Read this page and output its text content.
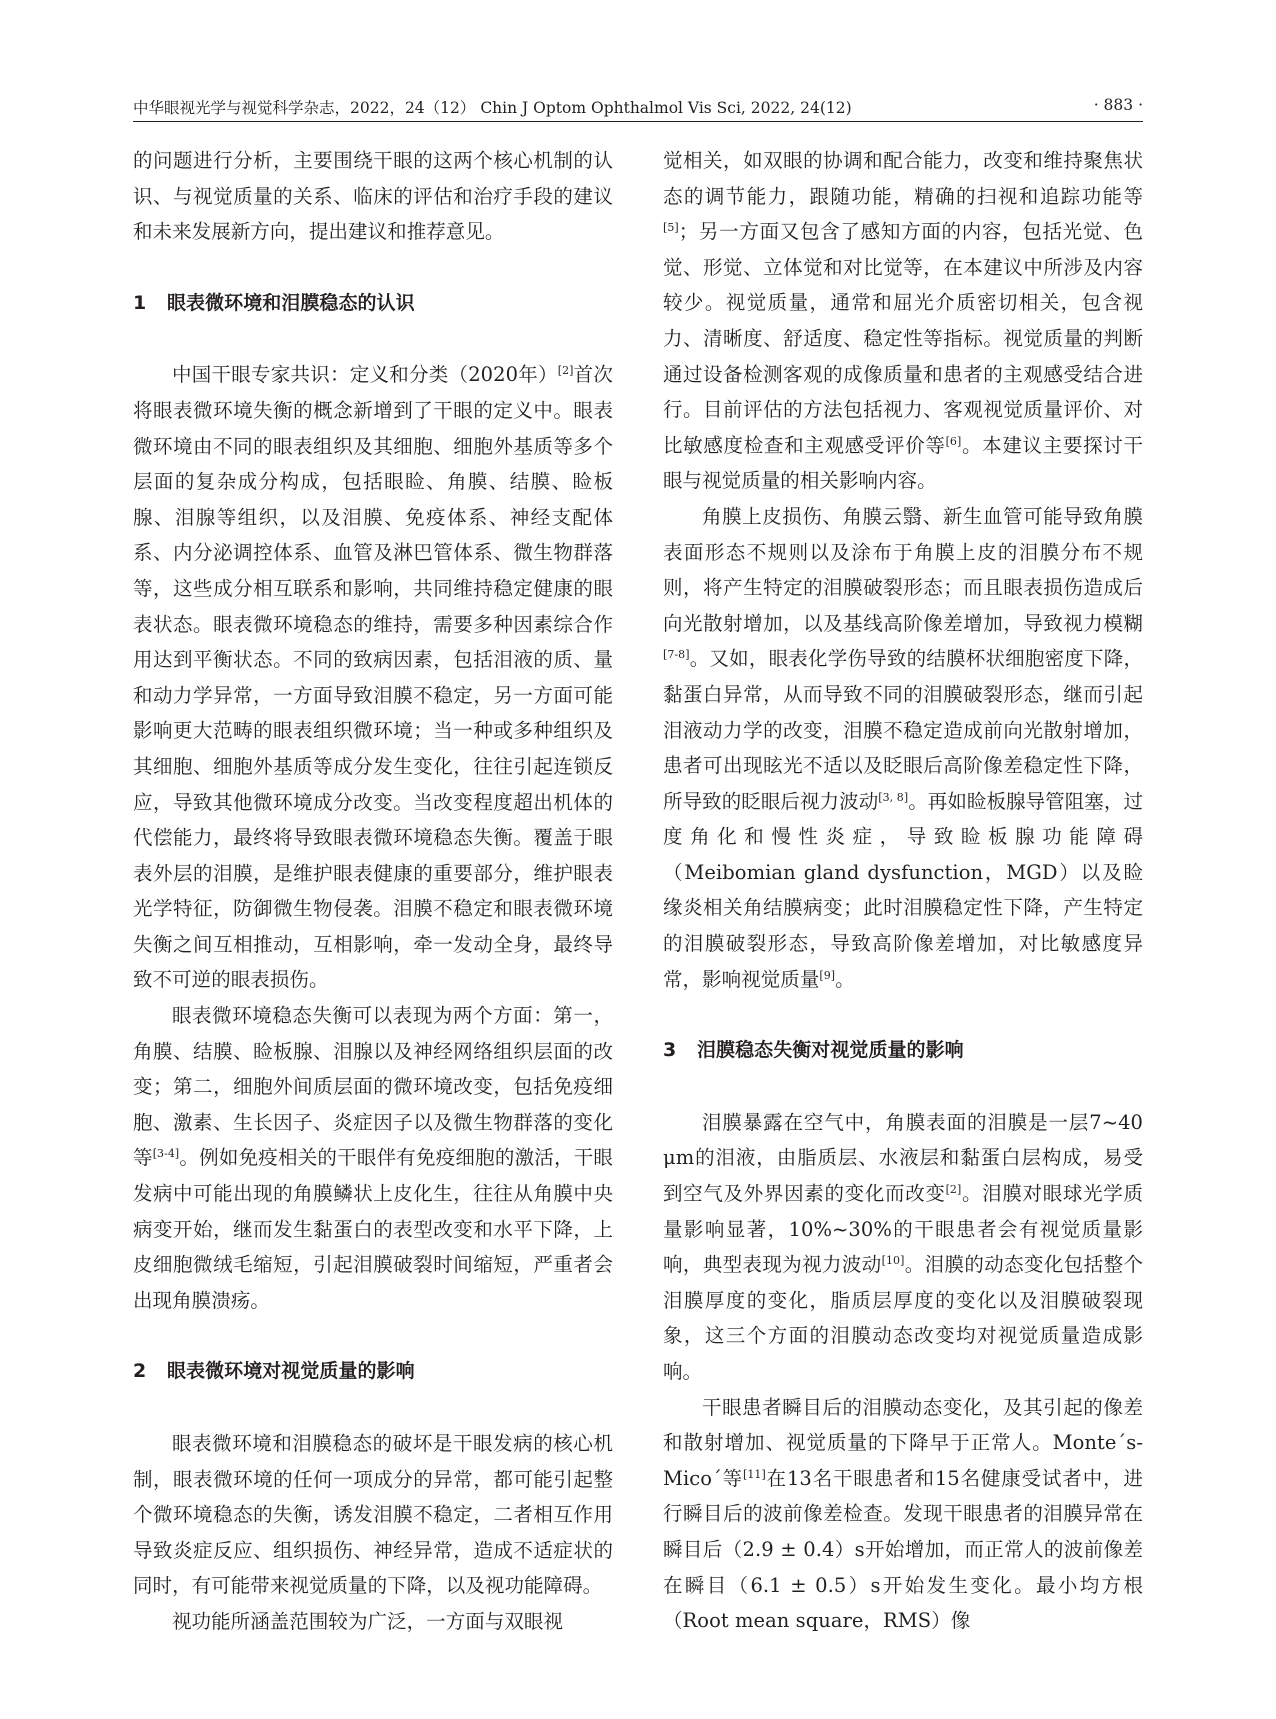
中华眼视光学与视觉科学杂志，2022，24（12） Chin J Optom Ophthalmol Vis Sci, 2022, 24(12)	· 883 ·

的问题进行分析，主要围绕干眼的这两个核心机制的认识、与视觉质量的关系、临床的评估和治疗手段的建议和未来发展新方向，提出建议和推荐意见。

1 眼表微环境和泪膜稳态的认识

中国干眼专家共识：定义和分类（2020年）[2]首次将眼表微环境失衡的概念新增到了干眼的定义中。眼表微环境由不同的眼表组织及其细胞、细胞外基质等多个层面的复杂成分构成，包括眼睑、角膜、结膜、睑板腺、泪腺等组织，以及泪膜、免疫体系、神经支配体系、内分泌调控体系、血管及淋巴管体系、微生物群落等，这些成分相互联系和影响，共同维持稳定健康的眼表状态。眼表微环境稳态的维持，需要多种因素综合作用达到平衡状态。不同的致病因素，包括泪液的质、量和动力学异常，一方面导致泪膜不稳定，另一方面可能影响更大范畴的眼表组织微环境；当一种或多种组织及其细胞、细胞外基质等成分发生变化，往往引起连锁反应，导致其他微环境成分改变。当改变程度超出机体的代偿能力，最终将导致眼表微环境稳态失衡。覆盖于眼表外层的泪膜，是维护眼表健康的重要部分，维护眼表光学特征，防御微生物侵袭。泪膜不稳定和眼表微环境失衡之间互相推动，互相影响，牵一发动全身，最终导致不可逆的眼表损伤。

眼表微环境稳态失衡可以表现为两个方面：第一，角膜、结膜、睑板腺、泪腺以及神经网络组织层面的改变；第二，细胞外间质层面的微环境改变，包括免疫细胞、激素、生长因子、炎症因子以及微生物群落的变化等[3-4]。例如免疫相关的干眼伴有免疫细胞的激活，干眼发病中可能出现的角膜鳞状上皮化生，往往从角膜中央病变开始，继而发生黏蛋白的表型改变和水平下降，上皮细胞微绒毛缩短，引起泪膜破裂时间缩短，严重者会出现角膜溃疡。

2 眼表微环境对视觉质量的影响

眼表微环境和泪膜稳态的破坏是干眼发病的核心机制，眼表微环境的任何一项成分的异常，都可能引起整个微环境稳态的失衡，诱发泪膜不稳定，二者相互作用导致炎症反应、组织损伤、神经异常，造成不适症状的同时，有可能带来视觉质量的下降，以及视功能障碍。

视功能所涵盖范围较为广泛，一方面与双眼视

觉相关，如双眼的协调和配合能力，改变和维持聚焦状态的调节能力，跟随功能，精确的扫视和追踪功能等[5]；另一方面又包含了感知方面的内容，包括光觉、色觉、形觉、立体觉和对比觉等，在本建议中所涉及内容较少。视觉质量，通常和屈光介质密切相关，包含视力、清晰度、舒适度、稳定性等指标。视觉质量的判断通过设备检测客观的成像质量和患者的主观感受结合进行。目前评估的方法包括视力、客观视觉质量评价、对比敏感度检查和主观感受评价等[6]。本建议主要探讨干眼与视觉质量的相关影响内容。

角膜上皮损伤、角膜云翳、新生血管可能导致角膜表面形态不规则以及涂布于角膜上皮的泪膜分布不规则，将产生特定的泪膜破裂形态；而且眼表损伤造成后向光散射增加，以及基线高阶像差增加，导致视力模糊[7-8]。又如，眼表化学伤导致的结膜杯状细胞密度下降，黏蛋白异常，从而导致不同的泪膜破裂形态，继而引起泪液动力学的改变，泪膜不稳定造成前向光散射增加，患者可出现眩光不适以及眨眼后高阶像差稳定性下降，所导致的眨眼后视力波动[3, 8]。再如睑板腺导管阻塞，过度角化和慢性炎症，导致睑板腺功能障碍（Meibomian gland dysfunction，MGD）以及睑缘炎相关角结膜病变；此时泪膜稳定性下降，产生特定的泪膜破裂形态，导致高阶像差增加，对比敏感度异常，影响视觉质量[9]。

3 泪膜稳态失衡对视觉质量的影响

泪膜暴露在空气中，角膜表面的泪膜是一层7~40 μm的泪液，由脂质层、水液层和黏蛋白层构成，易受到空气及外界因素的变化而改变[2]。泪膜对眼球光学质量影响显著，10%~30%的干眼患者会有视觉质量影响，典型表现为视力波动[10]。泪膜的动态变化包括整个泪膜厚度的变化，脂质层厚度的变化以及泪膜破裂现象，这三个方面的泪膜动态改变均对视觉质量造成影响。

干眼患者瞬目后的泪膜动态变化，及其引起的像差和散射增加、视觉质量的下降早于正常人。Monte´s-Mico´等[11]在13名干眼患者和15名健康受试者中，进行瞬目后的波前像差检查。发现干眼患者的泪膜异常在瞬目后（2.9 ± 0.4）s开始增加，而正常人的波前像差在瞬目（6.1 ± 0.5）s开始发生变化。最小均方根（Root mean square，RMS）像
